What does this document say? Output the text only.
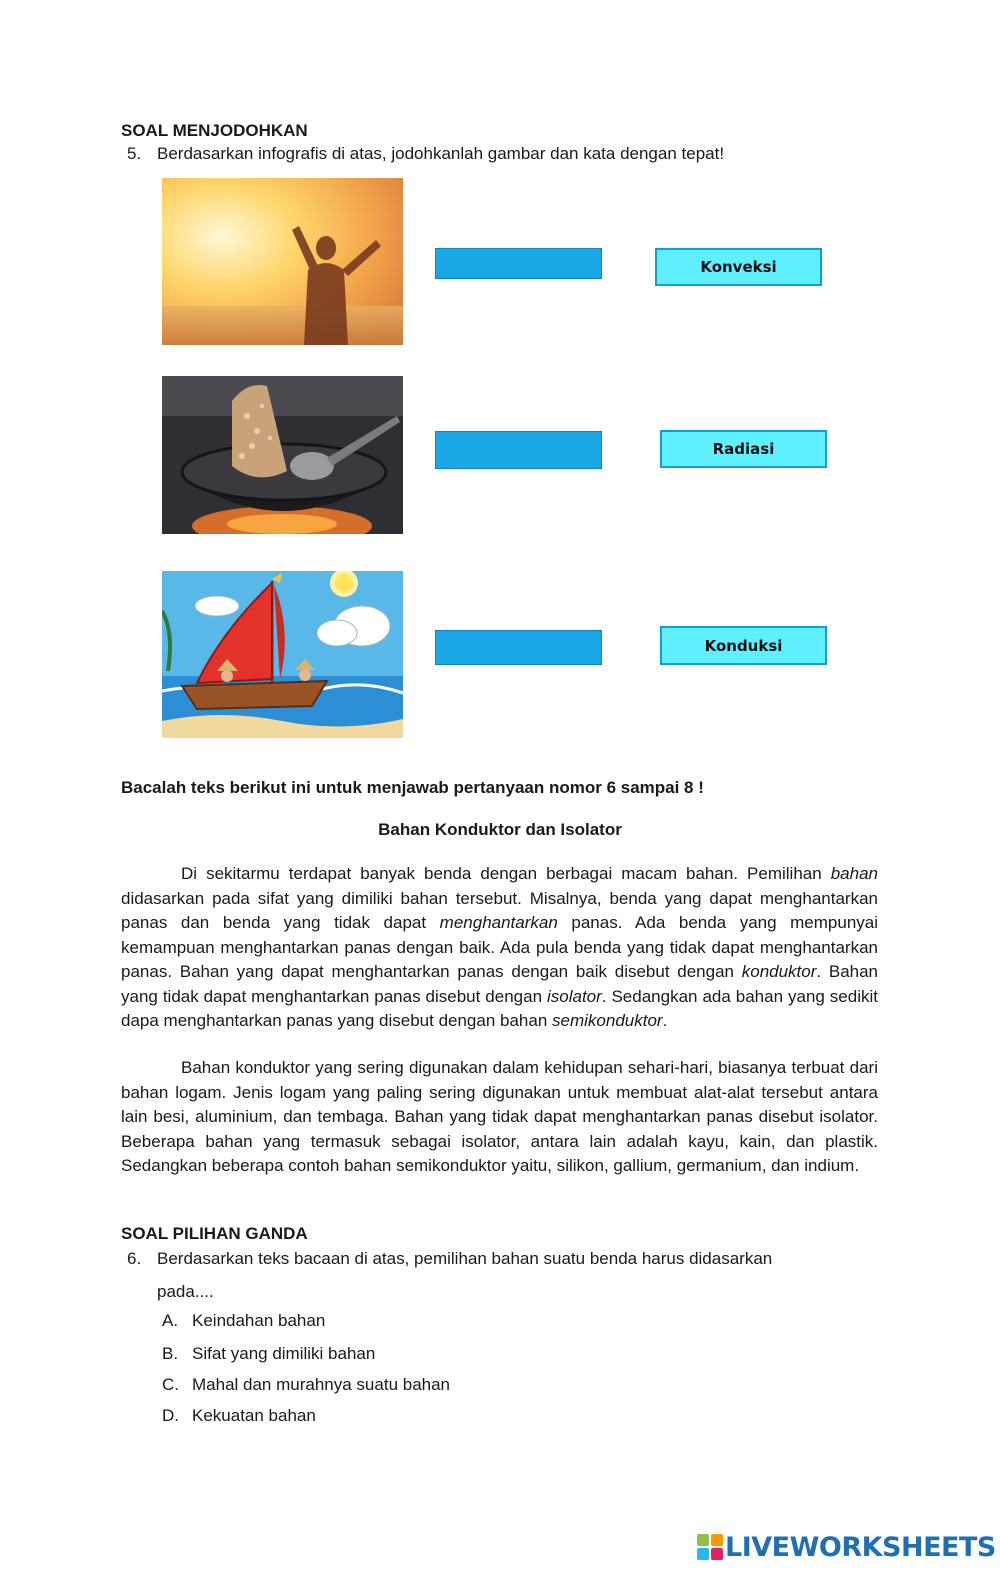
SOAL MENJODOHKAN
5. Berdasarkan infografis di atas, jodohkanlah gambar dan kata dengan tepat!
Konveksi
Radiasi
Konduksi
Bacalah teks berikut ini untuk menjawab pertanyaan nomor 6 sampai 8 !
Bahan Konduktor dan Isolator
Di sekitarmu terdapat banyak benda dengan berbagai macam bahan. Pemilihan bahan didasarkan pada sifat yang dimiliki bahan tersebut. Misalnya, benda yang dapat menghantarkan panas dan benda yang tidak dapat menghantarkan panas. Ada benda yang mempunyai kemampuan menghantarkan panas dengan baik. Ada pula benda yang tidak dapat menghantarkan panas. Bahan yang dapat menghantarkan panas dengan baik disebut dengan konduktor. Bahan yang tidak dapat menghantarkan panas disebut dengan isolator. Sedangkan ada bahan yang sedikit dapa menghantarkan panas yang disebut dengan bahan semikonduktor.
Bahan konduktor yang sering digunakan dalam kehidupan sehari-hari, biasanya terbuat dari bahan logam. Jenis logam yang paling sering digunakan untuk membuat alat-alat tersebut antara lain besi, aluminium, dan tembaga. Bahan yang tidak dapat menghantarkan panas disebut isolator. Beberapa bahan yang termasuk sebagai isolator, antara lain adalah kayu, kain, dan plastik. Sedangkan beberapa contoh bahan semikonduktor yaitu, silikon, gallium, germanium, dan indium.
SOAL PILIHAN GANDA
6. Berdasarkan teks bacaan di atas, pemilihan bahan suatu benda harus didasarkan
pada....
A. Keindahan bahan
B. Sifat yang dimiliki bahan
C. Mahal dan murahnya suatu bahan
D. Kekuatan bahan
LIVEWORKSHEETS
